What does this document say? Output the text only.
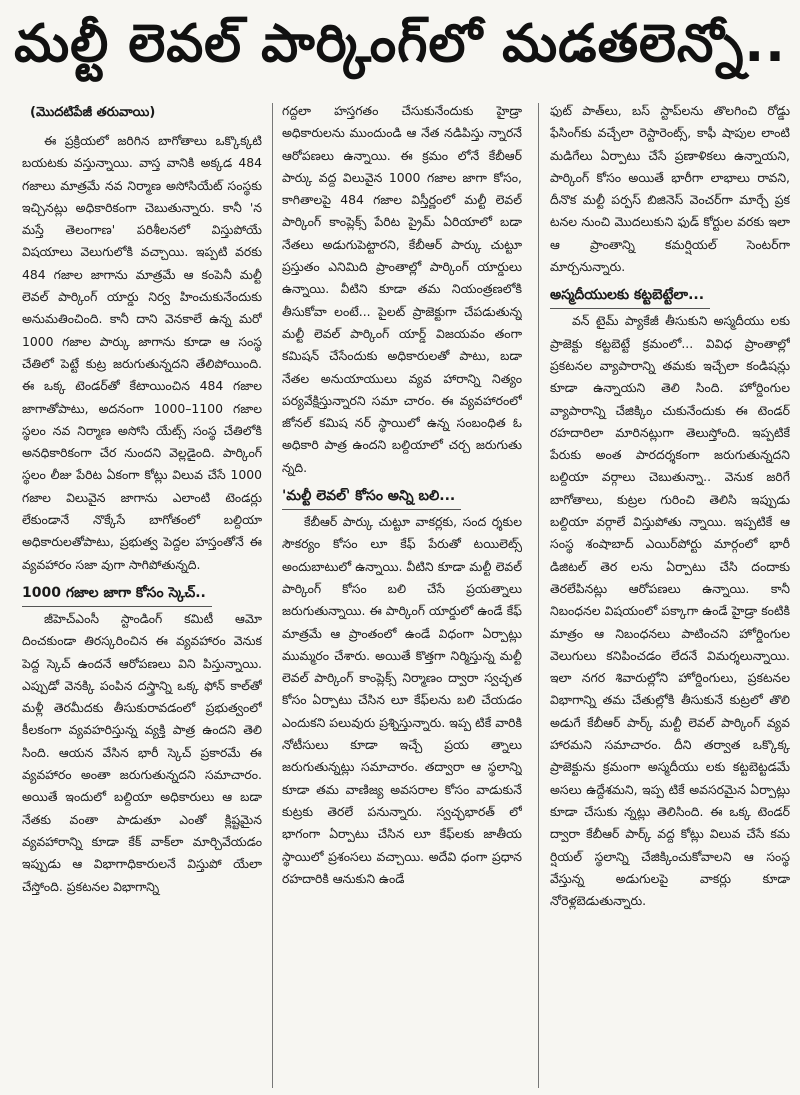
మల్టీ లెవల్ పార్కింగ్‌లో మడతలెన్నో..
(మొదటిపేజీ తరువాయి)

ఈ ప్రక్రియలో జరిగిన బాగోతాలు ఒక్కొక్కటి బయటకు వస్తున్నాయి. వాస్త వానికి అక్కడ 484 గజాలు మాత్రమే నవ నిర్మాణ అసోసియేట్ సంస్థకు ఇచ్చినట్లు అధికారికంగా చెబుతున్నారు. కానీ 'న మస్తే తెలంగాణ' పరిశీలనలో విస్తుపోయే విషయాలు వెలుగులోకి వచ్చాయి. ఇప్పటి వరకు 484 గజాల జాగాను మాత్రమే ఆ కంపెనీ మల్టీ లెవల్ పార్కింగ్ యార్డు నిర్వ హించుకునేందుకు అనుమతించింది. కానీ దాని వెనకాలే ఉన్న మరో 1000 గజాల పార్కు జాగాను కూడా ఆ సంస్థ చేతిలో పెట్టే కుట్ర జరుగుతున్నదని తేలిపోయింది. ఈ ఒక్క టెండర్‌తో కేటాయించిన 484 గజాల జాగాతోపాటు, అదనంగా 1000–1100 గజాల స్థలం నవ నిర్మాణ అసోసి యేట్స్ సంస్థ చేతిలోకి అనధికారికంగా చేర నుందని వెల్లడైంది. పార్కింగ్ స్థలం లీజు పేరిట ఏకంగా కోట్లు విలువ చేసే 1000 గజాల విలువైన జాగాను ఎలాంటి టెండర్లు లేకుండానే నొక్కేసే బాగోతంలో బల్దియా అధికారులతోపాటు, ప్రభుత్వ పెద్దల హస్తంతోనే ఈ వ్యవహారం సజా వుగా సాగిపోతున్నది.

1000 గజాల జాగా కోసం స్కెచ్..

జీహెచ్ఎంసీ స్టాండింగ్ కమిటీ ఆమో దించకుండా తిరస్కరించిన ఈ వ్యవహారం వెనుక పెద్ద స్కెచ్ ఉందనే ఆరోపణలు విని పిస్తున్నాయి. ఎప్పుడో వెనక్కి పంపిన దస్త్రాన్ని ఒక్క ఫోన్ కాల్‌తో మళ్లీ తెరమీదకు తీసుకురావడంలో ప్రభుత్వంలో కీలకంగా వ్యవహరిస్తున్న వ్యక్తి పాత్ర ఉందని తెలి సింది. ఆయన వేసిన భారీ స్కెచ్ ప్రకారమే ఈ వ్యవహారం అంతా జరుగుతున్నదని సమాచారం. అయితే ఇందులో బల్దియా అధికారులు ఆ బడా నేతకు వంతా పాడుతూ ఎంతో క్లిష్టమైన వ్యవహారాన్ని కూడా కేక్ వాక్‌లా మార్చివేయడం ఇప్పుడు ఆ విభాగాధికారులనే విస్తుపో యేలా చేస్తోంది. ప్రకటనల విభాగాన్ని

గద్దలా హస్తగతం చేసుకునేందుకు హైడ్రా అధికారులను ముందుండి ఆ నేత నడిపిస్తు న్నారనే ఆరోపణలు ఉన్నాయి. ఈ క్రమం లోనే కేబీఆర్ పార్కు వద్ద విలువైన 1000 గజాల జాగా కోసం, కాగితాలపై 484 గజాల విస్తీర్ణంలో మల్టీ లెవల్ పార్కింగ్ కాంప్లెక్స్ పేరిట ప్రైమ్ ఏరియాలో బడా నేతలు అడుగుపెట్టారని, కేబీఆర్ పార్కు చుట్టూ ప్రస్తుతం ఎనిమిది ప్రాంతాల్లో పార్కింగ్ యార్డులు ఉన్నాయి. వీటిని కూడా తమ నియంత్రణలోకి తీసుకోవా లంటే... పైలట్ ప్రాజెక్టుగా చేపడుతున్న మల్టీ లెవల్ పార్కింగ్ యార్డ్ విజయవం తంగా కమిషన్ చేసేందుకు అధికారులతో పాటు, బడా నేతల అనుయాయులు వ్యవ హారాన్ని నిత్యం పర్యవేక్షిస్తున్నారని సమా చారం. ఈ వ్యవహారంలో జోనల్ కమిష నర్ స్థాయిలో ఉన్న సంబంధిత ఓ అధికారి పాత్ర ఉందని బల్దియాలో చర్చ జరుగుతు న్నది.

'మల్టీ లెవల్' కోసం అన్ని బలి...

కేబీఆర్ పార్కు చుట్టూ వాకర్లకు, సంద ర్శకుల సౌకర్యం కోసం లూ కేఫ్ పేరుతో టయిలెట్స్ అందుబాటులో ఉన్నాయి. వీటిని కూడా మల్టీ లెవల్ పార్కింగ్ కోసం బలి చేసే ప్రయత్నాలు జరుగుతున్నాయి. ఈ పార్కింగ్ యార్డులో ఉండే కేఫ్ మాత్రమే ఆ ప్రాంతంలో ఉండే విధంగా ఏర్పాట్లు ముమ్మరం చేశారు. అయితే కొత్తగా నిర్మిస్తున్న మల్టీ లెవల్ పార్కింగ్ కాంప్లెక్స్ నిర్మాణం ద్వారా స్వచ్ఛత కోసం ఏర్పాటు చేసిన లూ కేఫ్‌లను బలి చేయడం ఎందుకని పలువురు ప్రశ్నిస్తున్నారు. ఇప్ప టికే వారికి నోటీసులు కూడా ఇచ్చే ప్రయ త్నాలు జరుగుతున్నట్లు సమాచారం. తద్వారా ఆ స్థలాన్ని కూడా తమ వాణిజ్య అవసరాల కోసం వాడుకునే కుట్రకు తెరలే పనున్నారు. స్వచ్ఛభారత్ లో భాగంగా ఏర్పాటు చేసిన లూ కేఫ్‌లకు జాతీయ స్థాయిలో ప్రశంసలు వచ్చాయి. అదేవి ధంగా ప్రధాన రహదారికి ఆనుకుని ఉండే

ఫుట్ పాత్‌లు, బస్ స్టాప్‌లను తొలగించి రోడ్డు ఫేసింగ్‌కు వచ్చేలా రెస్టారెంట్స్, కాఫీ షాపుల లాంటి మడిగేలు ఏర్పాటు చేసే ప్రణాళికలు ఉన్నాయని, పార్కింగ్ కోసం అయితే భారీగా లాభాలు రావని, దీనొక మల్టీ పర్పస్ బిజినెస్ వెంచర్‌గా మార్చే ప్రక టనల నుంచి మొదలుకుని ఫుడ్ కోర్టుల వరకు ఇలా ఆ ప్రాంతాన్ని కమర్షియల్ సెంటర్‌గా మార్చనున్నారు.

అస్మదీయులకు కట్టబెట్టేలా...

వన్ టైమ్ ప్యాకేజీ తీసుకుని అస్మదీయు లకు ప్రాజెక్టు కట్టబెట్టే క్రమంలో... వివిధ ప్రాంతాల్లో ప్రకటనల వ్యాపారాన్ని తమకు ఇచ్చేలా కండిషన్లు కూడా ఉన్నాయని తెలి సింది. హోర్డింగుల వ్యాపారాన్ని చేజిక్కిం చుకునేందుకు ఈ టెండర్ రహదారిలా మారినట్లుగా తెలుస్తోంది. ఇప్పటికే పేరుకు అంత పారదర్శకంగా జరుగుతున్నదని బల్దియా వర్గాలు చెబుతున్నా.. వెనుక జరిగే బాగోతాలు, కుట్రల గురించి తెలిసి ఇప్పుడు బల్దియా వర్గాలే విస్తుపోతు న్నాయి. ఇప్పటికే ఆ సంస్థ శంషాబాద్ ఎయిర్‌పోర్టు మార్గంలో భారీ డిజిటల్ తెర లను ఏర్పాటు చేసి దందాకు తెరలేపినట్లు ఆరోపణలు ఉన్నాయి. కానీ నిబంధనల విషయంలో పక్కాగా ఉండే హైడ్రా కంటికి మాత్రం ఆ నిబంధనలు పాటించని హోర్డింగుల వెలుగులు కనిపించడం లేదనే విమర్శలున్నాయి. ఇలా నగర శివారుల్లోని హోర్డింగులు, ప్రకటనల విభాగాన్ని తమ చేతుల్లోకి తీసుకునే కుట్రలో తొలి అడుగే కేబీఆర్ పార్క్ మల్టీ లెవల్ పార్కింగ్ వ్యవ హారమని సమాచారం. దీని తర్వాత ఒక్కొక్క ప్రాజెక్టును క్రమంగా అస్మదీయు లకు కట్టబెట్టడమే అసలు ఉద్దేశమని, ఇప్ప టికే అవసరమైన ఏర్పాట్లు కూడా చేసుకు న్నట్లు తెలిసింది. ఈ ఒక్క టెండర్ ద్వారా కేబీఆర్ పార్క్ వద్ద కోట్లు విలువ చేసే కమ ర్షియల్ స్థలాన్ని చేజిక్కించుకోవాలని ఆ సంస్థ వేస్తున్న అడుగులపై వాకర్లు కూడా నోరెళ్లబెడుతున్నారు.
